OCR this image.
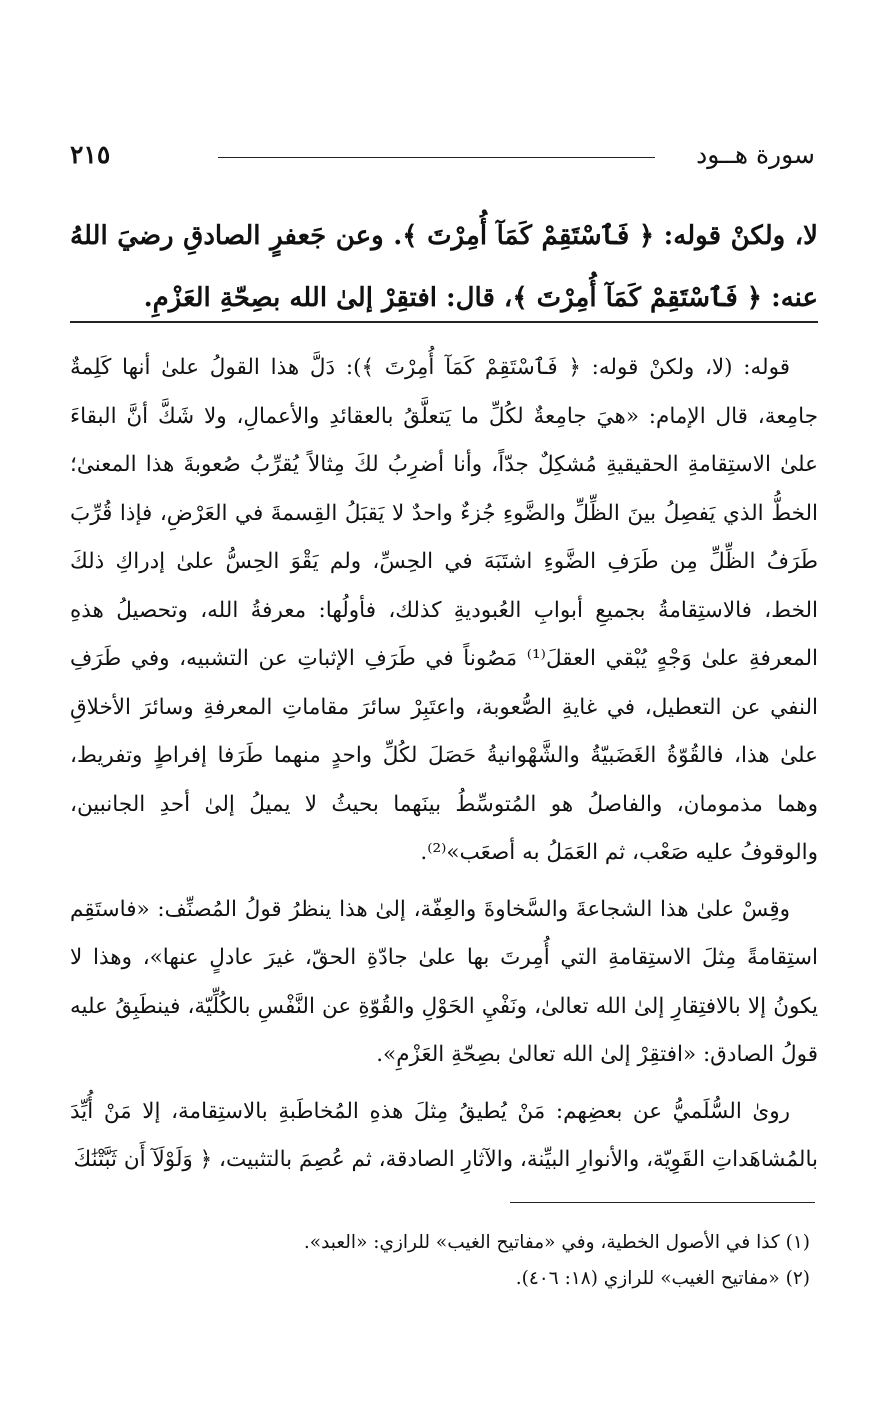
٢١٥	سورة هــود
لا، ولكنْ قوله: ﴿ فَٱسْتَقِمْ كَمَآ أُمِرْتَ ﴾. وعن جَعفرٍ الصادقِ رضيَ اللهُ عنه: ﴿ فَٱسْتَقِمْ كَمَآ أُمِرْتَ ﴾، قال: افتقِرْ إلىٰ الله بصِحّةِ العَزْمِ.

قوله: (لا، ولكنْ قوله: ﴿ فَٱسْتَقِمْ كَمَآ أُمِرْتَ ﴾): دَلَّ هذا القولُ علىٰ أنها كَلِمةٌ جامِعة، قال الإمام: «هيَ جامِعةٌ لكُلِّ ما يَتعلَّقُ بالعقائدِ والأعمالِ، ولا شَكَّ أنَّ البقاءَ علىٰ الاستِقامةِ الحقيقيةِ مُشكِلٌ جدّاً، وأنا أضرِبُ لكَ مِثالاً يُقرِّبُ صُعوبةَ هذا المعنىٰ؛ الخطُّ الذي يَفصِلُ بينَ الظِّلِّ والضَّوءِ جُزءٌ واحدٌ لا يَقبَلُ القِسمةَ في العَرْضِ، فإذا قُرِّبَ طَرَفُ الظِّلِّ مِن طَرَفِ الضَّوءِ اشتَبَهَ في الحِسِّ، ولم يَقْوَ الحِسُّ علىٰ إدراكِ ذلكَ الخط، فالاستِقامةُ بجميعِ أبوابِ العُبوديةِ كذلك، فأولُها: معرفةُ الله، وتحصيلُ هذهِ المعرفةِ علىٰ وَجْهٍ يُبْقي العقلَ⁽¹⁾ مَصُوناً في طَرَفِ الإثباتِ عن التشبيه، وفي طَرَفِ النفي عن التعطيل، في غايةِ الصُّعوبة، واعتَبِرْ سائرَ مقاماتِ المعرفةِ وسائرَ الأخلاقِ علىٰ هذا، فالقُوّةُ الغَضَبيّةُ والشَّهْوانيةُ حَصَلَ لكُلِّ واحدٍ منهما طَرَفا إفراطٍ وتفريط، وهما مذمومان، والفاصلُ هو المُتوسِّطُ بينَهما بحيثُ لا يميلُ إلىٰ أحدِ الجانبين، والوقوفُ عليه صَعْب، ثم العَمَلُ به أصعَب»⁽²⁾.

وقِسْ علىٰ هذا الشجاعةَ والسَّخاوةَ والعِفّة، إلىٰ هذا ينظرُ قولُ المُصنِّف: «فاستَقِم استِقامةً مِثلَ الاستِقامةِ التي أُمِرتَ بها علىٰ جادّةِ الحقّ، غيرَ عادلٍ عنها»، وهذا لا يكونُ إلا بالافتِقارِ إلىٰ الله تعالىٰ، ونَفْيِ الحَوْلِ والقُوّةِ عن النَّفْسِ بالكُلِّيّة، فينطَبِقُ عليه قولُ الصادق: «افتقِرْ إلىٰ الله تعالىٰ بصِحّةِ العَزْمِ».

روىٰ السُّلَميُّ عن بعضِهم: مَنْ يُطيقُ مِثلَ هذهِ المُخاطَبةِ بالاستِقامة، إلا مَنْ أُيِّدَ بالمُشاهَداتِ القَوِيّة، والأنوارِ البيِّنة، والآثارِ الصادقة، ثم عُصِمَ بالتثبيت، ﴿ وَلَوْلَآ أَن ثَبَّتْنَٰكَ

(١) كذا في الأصول الخطية، وفي «مفاتيح الغيب» للرازي: «العبد».

(٢) «مفاتيح الغيب» للرازي (١٨: ٤٠٦).
